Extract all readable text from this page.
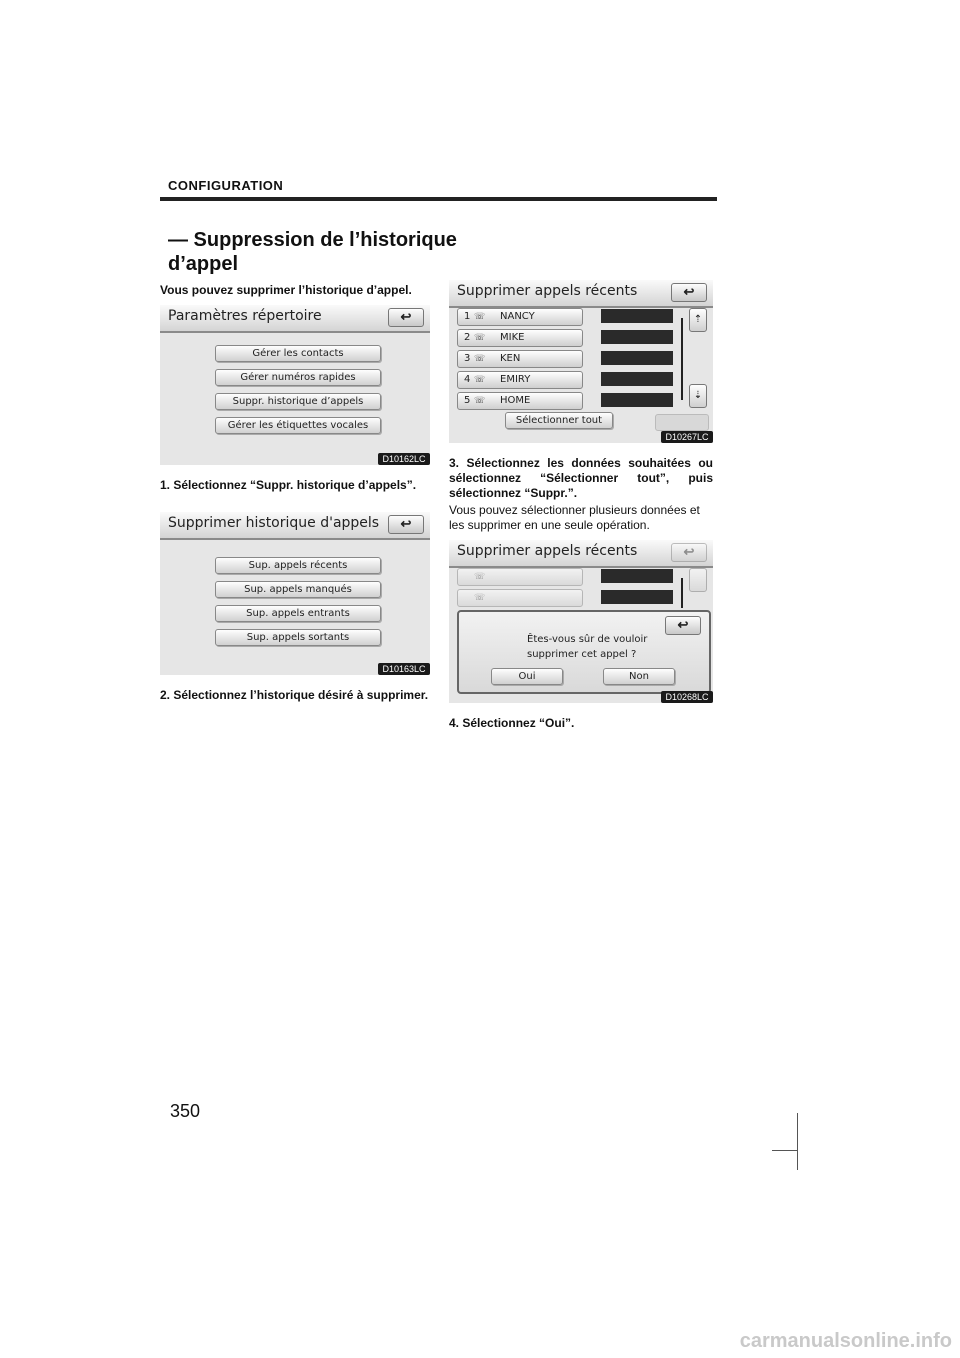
CONFIGURATION
— Suppression de l’historique d’appel
Vous pouvez supprimer l’historique d’appel.
Paramètres répertoire	↩
Gérer les contacts
Gérer numéros rapides
Suppr. historique d’appels
Gérer les étiquettes vocales
D10162LC
1. Sélectionnez “Suppr. historique d’appels”.
Supprimer historique d'appels	↩
Sup. appels récents
Sup. appels manqués
Sup. appels entrants
Sup. appels sortants
D10163LC
2. Sélectionnez l’historique désiré à supprimer.
Supprimer appels récents	↩
1 ☏ NANCY
2 ☏ MIKE
3 ☏ KEN
4 ☏ EMIRY
5 ☏ HOME
⇡
⇣
Sélectionner tout
D10267LC
3. Sélectionnez les données souhaitées ou sélectionnez “Sélectionner tout”, puis sélectionnez “Suppr.”.
Vous pouvez sélectionner plusieurs données et les supprimer en une seule opération.
Supprimer appels récents	↩
☏
☏
↩
Êtes-vous sûr de vouloir
supprimer cet appel ?
Oui	Non
D10268LC
4. Sélectionnez “Oui”.
350
carmanualsonline.info
